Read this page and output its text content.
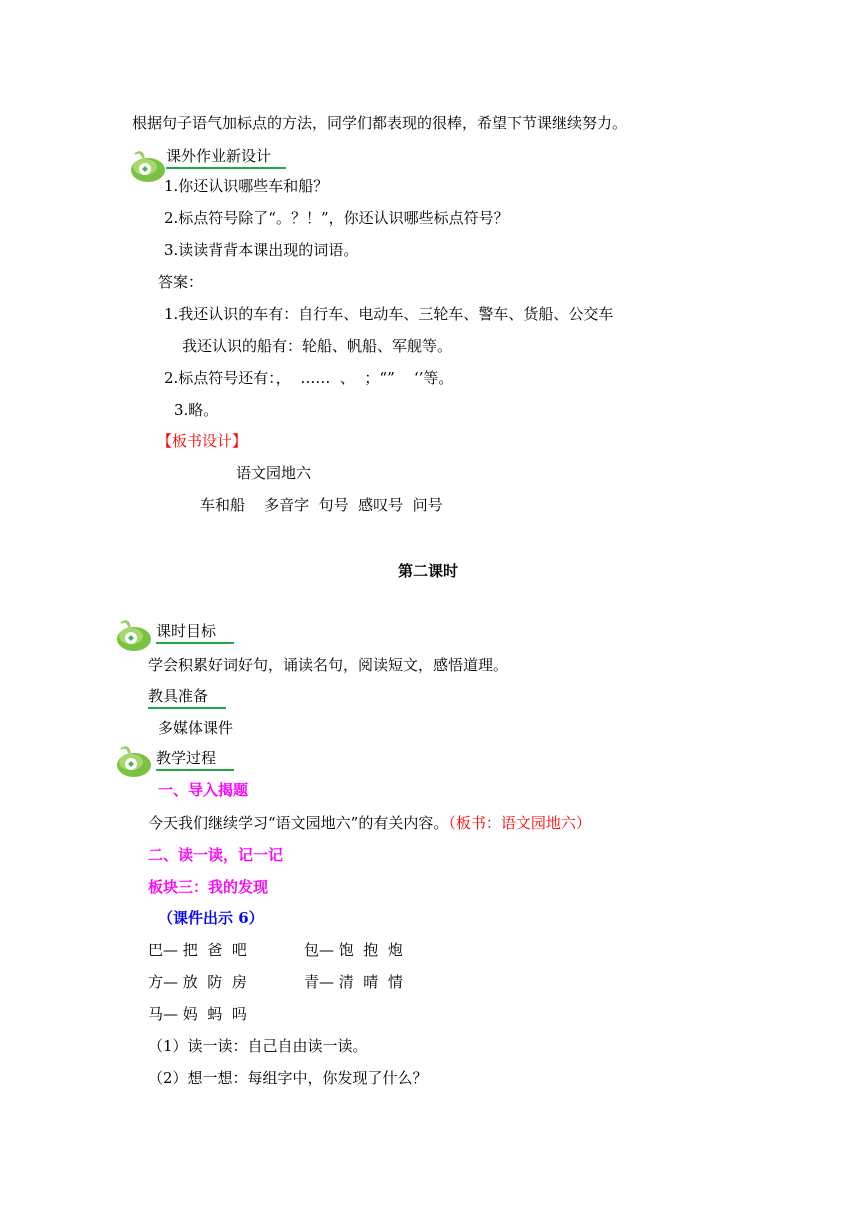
根据句子语气加标点的方法，同学们都表现的很棒，希望下节课继续努力。
课外作业新设计
1.你还认识哪些车和船？
2.标点符号除了“。？！”，你还认识哪些标点符号？
3.读读背背本课出现的词语。
答案：
1.我还认识的车有：自行车、电动车、三轮车、警车、货船、公交车
我还认识的船有：轮船、帆船、军舰等。
2.标点符号还有：，  ……  、  ；“”    ‘’等。
3.略。
【板书设计】
语文园地六
车和船    多音字  句号  感叹号  问号
第二课时
课时目标
学会积累好词好句，诵读名句，阅读短文，感悟道理。
教具准备
多媒体课件
教学过程
一、导入揭题
今天我们继续学习“语文园地六”的有关内容。（板书：语文园地六）
二、读一读，记一记
板块三：我的发现
（课件出示 6）
巴— 把  爸  吧	包— 饱  抱  炮
方— 放  防  房	青— 清  晴  情
马— 妈  蚂  吗
（1）读一读：自己自由读一读。
（2）想一想：每组字中，你发现了什么？
